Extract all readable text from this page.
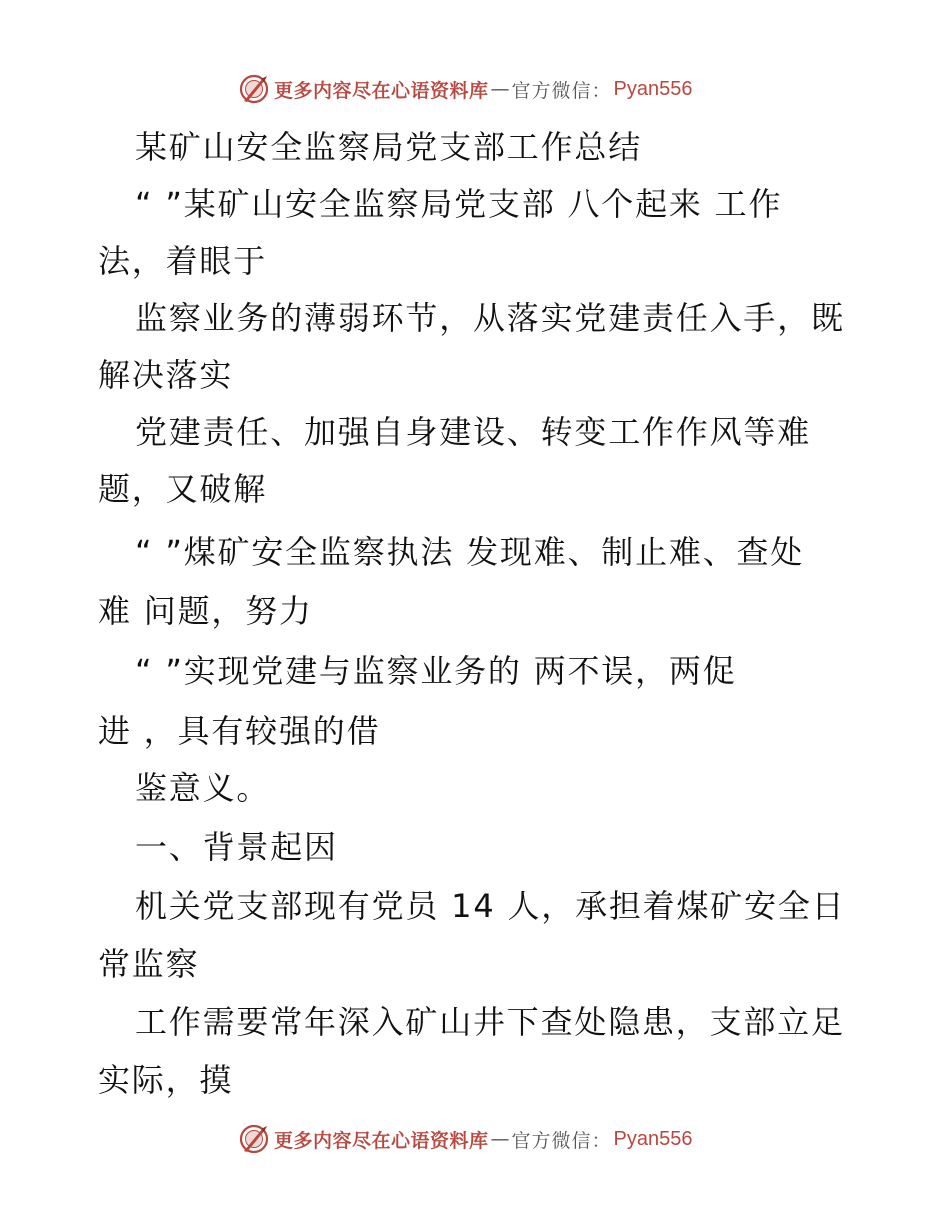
更多内容尽在心语资料库 — 官方微信： Pyan556
某矿山安全监察局党支部工作总结
“ ”某矿山安全监察局党支部 八个起来 工作
法，着眼于
监察业务的薄弱环节，从落实党建责任入手，既
解决落实
党建责任、加强自身建设、转变工作作风等难
题，又破解
“ ”煤矿安全监察执法 发现难、制止难、查处
难 问题，努力
“ ”实现党建与监察业务的 两不误，两促
进 ，具有较强的借
鉴意义。
一、背景起因
机关党支部现有党员 14 人，承担着煤矿安全日
常监察
工作需要常年深入矿山井下查处隐患，支部立足
实际，摸
更多内容尽在心语资料库 — 官方微信： Pyan556
